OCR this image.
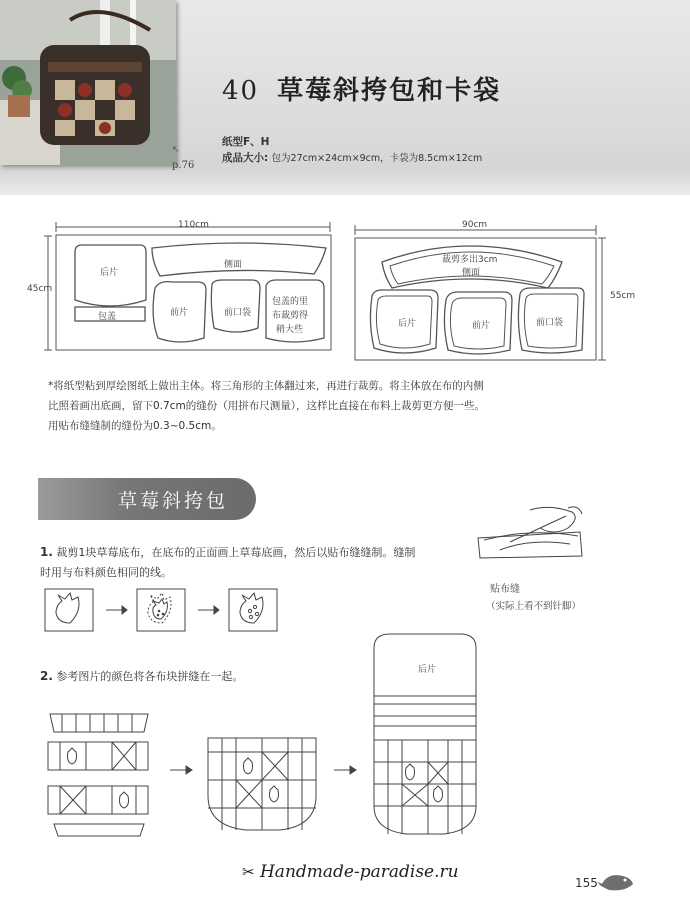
p.76
↖
40 草莓斜挎包和卡袋
纸型F、H
成品大小: 包为27cm×24cm×9cm，卡袋为8.5cm×12cm
110cm
45cm
后片
包盖
侧面
前片	前口袋
包盖的里
布裁剪得
稍大些
90cm
55cm
裁剪多出3cm
侧面
后片	前片	前口袋
*将纸型粘到厚绘图纸上做出主体。将三角形的主体翻过来，再进行裁剪。将主体放在布的内侧
比照着画出底画，留下0.7cm的缝份（用拼布尺测量），这样比直接在布料上裁剪更方便一些。
用贴布缝缝制的缝份为0.3~0.5cm。
草莓斜挎包
1. 裁剪1块草莓底布，在底布的正面画上草莓底画，然后以贴布缝缝制。缝制
时用与布料颜色相同的线。
贴布缝
（实际上看不到针脚）
2. 参考图片的颜色将各布块拼缝在一起。	后片
✂ Handmade-paradise.ru
155
